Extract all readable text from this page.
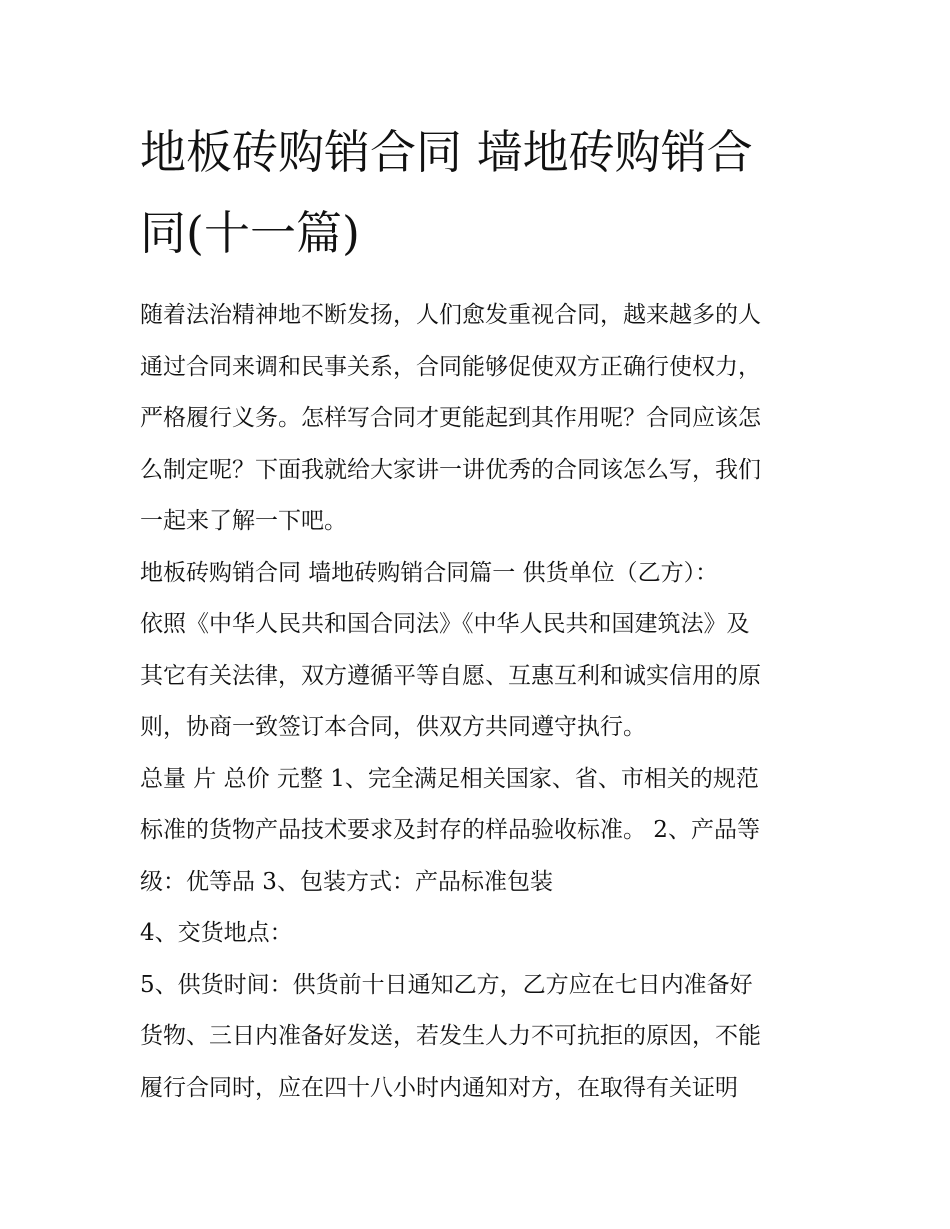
地板砖购销合同 墙地砖购销合
同(十一篇)

随着法治精神地不断发扬，人们愈发重视合同，越来越多的人
通过合同来调和民事关系，合同能够促使双方正确行使权力，
严格履行义务。怎样写合同才更能起到其作用呢？合同应该怎
么制定呢？下面我就给大家讲一讲优秀的合同该怎么写，我们
一起来了解一下吧。

地板砖购销合同 墙地砖购销合同篇一 供货单位（乙方）：

依照《中华人民共和国合同法》《中华人民共和国建筑法》及
其它有关法律，双方遵循平等自愿、互惠互利和诚实信用的原
则，协商一致签订本合同，供双方共同遵守执行。

总量 片 总价 元整 1、完全满足相关国家、省、市相关的规范
标准的货物产品技术要求及封存的样品验收标准。 2、产品等
级：优等品 3、包装方式：产品标准包装

4、交货地点：

5、供货时间：供货前十日通知乙方，乙方应在七日内准备好
货物、三日内准备好发送，若发生人力不可抗拒的原因，不能
履行合同时，应在四十八小时内通知对方，在取得有关证明
